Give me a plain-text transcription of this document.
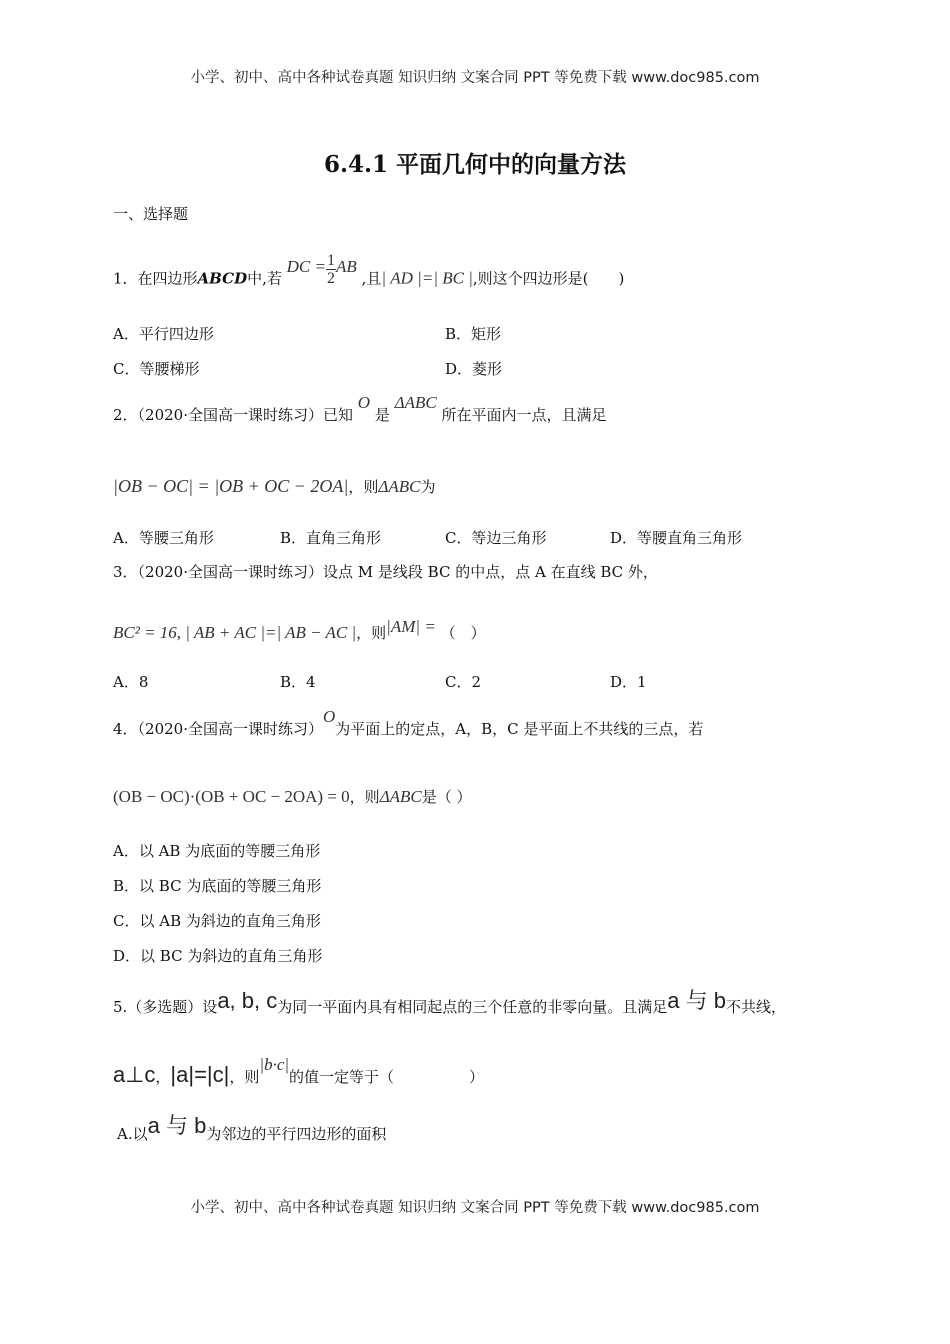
小学、初中、高中各种试卷真题 知识归纳 文案合同 PPT 等免费下载 www.doc985.com
6.4.1 平面几何中的向量方法
一、选择题
1．在四边形ABCD中,若 DC = $\frac{1}{2}AB$ ,且| AD |=| BC |,则这个四边形是(　　)
A．平行四边形	B．矩形
C．等腰梯形	D．菱形
2．（2020·全国高一课时练习）已知 O 是 ΔABC 所在平面内一点，且满足
|OB − OC| = |OB + OC − 2OA|，则ΔABC为
A．等腰三角形	B．直角三角形	C．等边三角形	D．等腰直角三角形
3．（2020·全国高一课时练习）设点 M 是线段 BC 的中点，点 A 在直线 BC 外，
BC² = 16, | AB + AC |=| AB − AC |，则|AM| = （　）
A．8	B．4	C．2	D．1
4．（2020·全国高一课时练习）O为平面上的定点，A，B，C 是平面上不共线的三点，若
(OB − OC)·(OB + OC − 2OA) = 0，则ΔABC是（ ）
A．以 AB 为底面的等腰三角形
B．以 BC 为底面的等腰三角形
C．以 AB 为斜边的直角三角形
D．以 BC 为斜边的直角三角形
5.（多选题）设a, b, c为同一平面内具有相同起点的三个任意的非零向量。且满足a 与 b不共线，
a⊥c，|a|=|c|，则|b·c|的值一定等于（　　　　　）
A.以a 与 b为邻边的平行四边形的面积
小学、初中、高中各种试卷真题 知识归纳 文案合同 PPT 等免费下载 www.doc985.com
